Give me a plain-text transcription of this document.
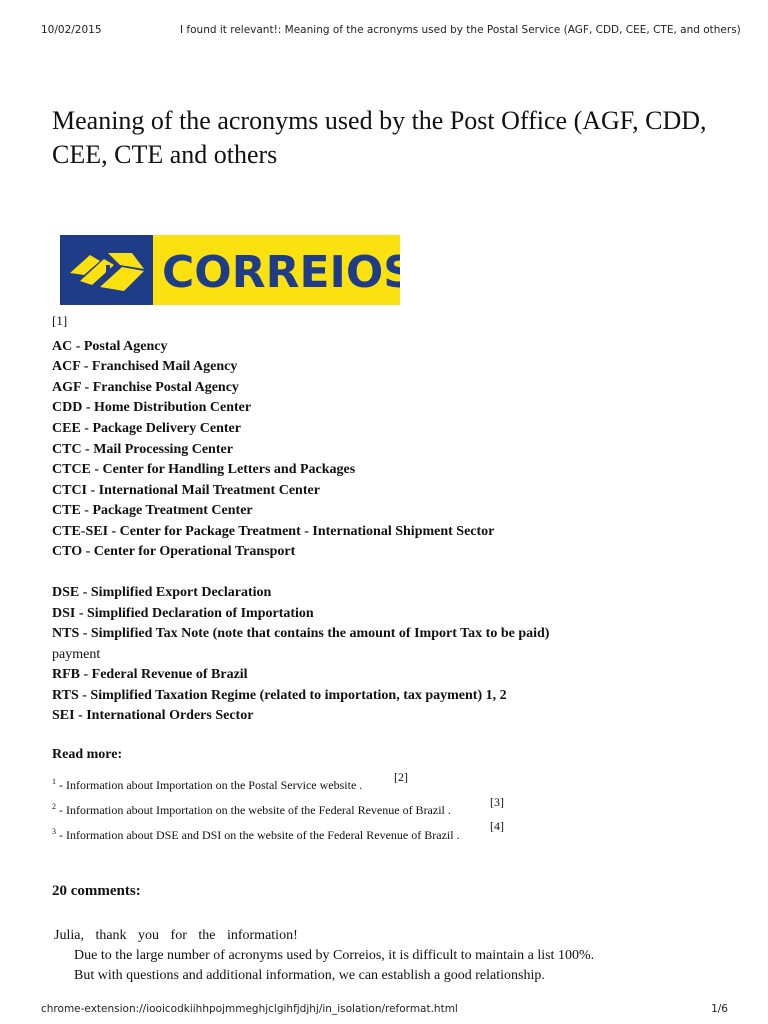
10/02/2015	I found it relevant!: Meaning of the acronyms used by the Postal Service (AGF, CDD, CEE, CTE, and others)
Meaning of the acronyms used by the Post Office (AGF, CDD, CEE, CTE and others
CORREIOS
[1]
AC - Postal Agency
ACF - Franchised Mail Agency
AGF - Franchise Postal Agency
CDD - Home Distribution Center
CEE - Package Delivery Center
CTC - Mail Processing Center
CTCE - Center for Handling Letters and Packages
CTCI - International Mail Treatment Center
CTE - Package Treatment Center
CTE-SEI - Center for Package Treatment - International Shipment Sector
CTO - Center for Operational Transport
DSE - Simplified Export Declaration
DSI - Simplified Declaration of Importation
NTS - Simplified Tax Note (note that contains the amount of Import Tax to be paid)
payment
RFB - Federal Revenue of Brazil
RTS - Simplified Taxation Regime (related to importation, tax payment) 1, 2
SEI - International Orders Sector
Read more:
$^1$ - Information about Importation on the Postal Service website .
[2]
$^2$ - Information about Importation on the website of the Federal Revenue of Brazil .
[3]
$^3$ - Information about DSE and DSI on the website of the Federal Revenue of Brazil .
[4]
20 comments:
Julia, thank you for the information!
Due to the large number of acronyms used by Correios, it is difficult to maintain a list 100%.
But with questions and additional information, we can establish a good relationship.
chrome-extension://iooicodkiihhpojmmeghjclgihfjdjhj/in_isolation/reformat.html	1/6
